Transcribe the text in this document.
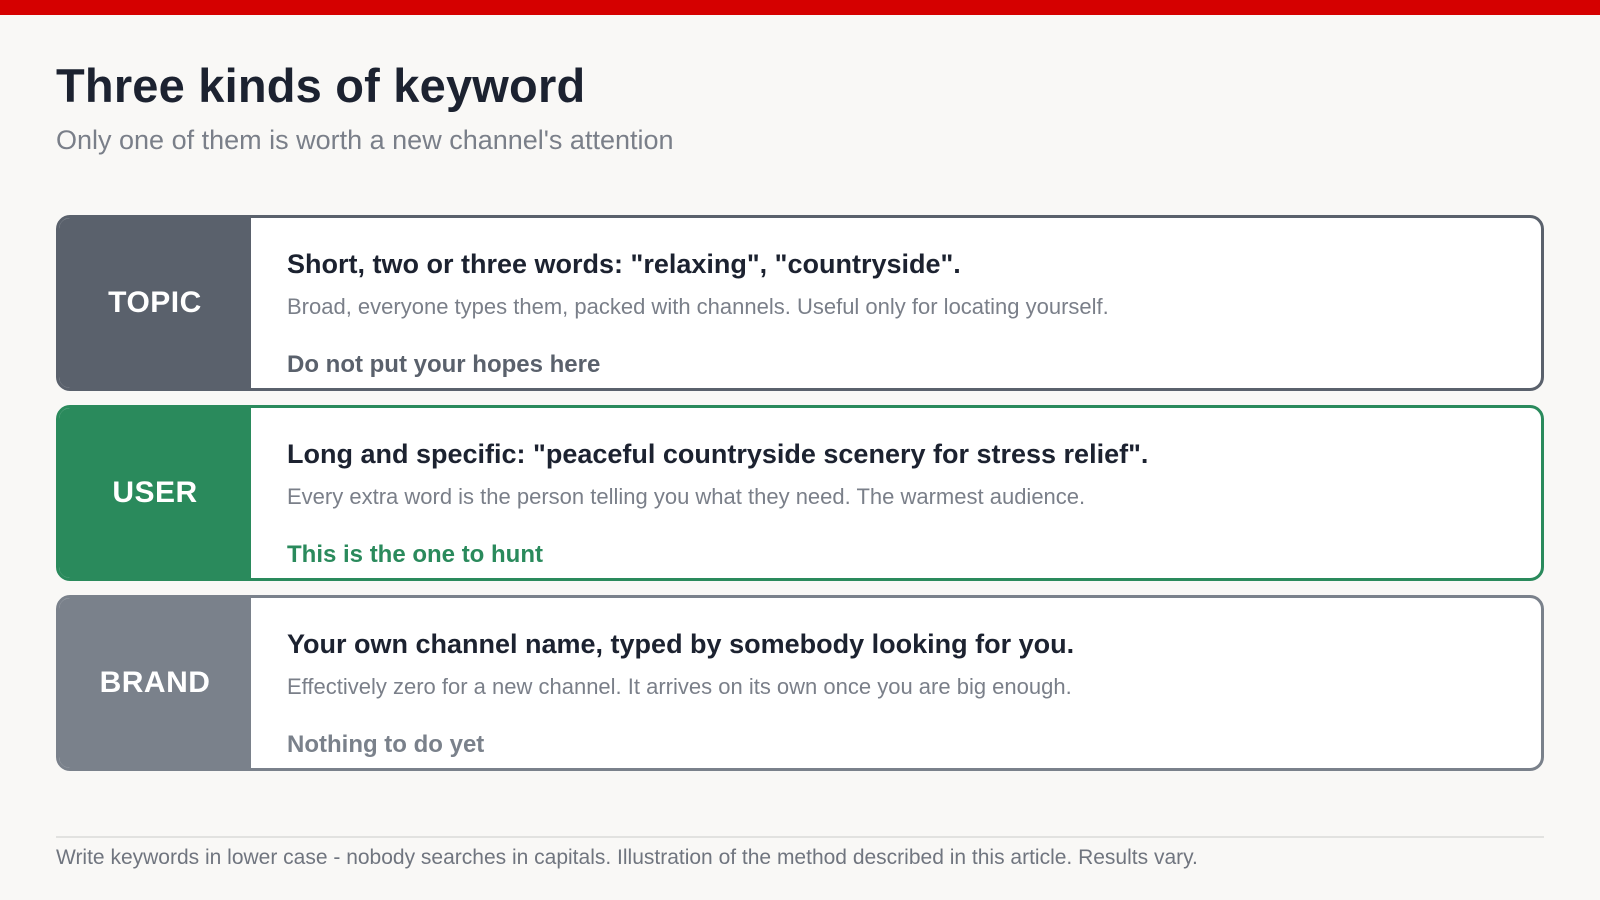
Three kinds of keyword

Only one of them is worth a new channel's attention

TOPIC
Short, two or three words: "relaxing", "countryside".
Broad, everyone types them, packed with channels. Useful only for locating yourself.
Do not put your hopes here
USER
Long and specific: "peaceful countryside scenery for stress relief".
Every extra word is the person telling you what they need. The warmest audience.
This is the one to hunt
BRAND
Your own channel name, typed by somebody looking for you.
Effectively zero for a new channel. It arrives on its own once you are big enough.
Nothing to do yet
Write keywords in lower case - nobody searches in capitals. Illustration of the method described in this article. Results vary.
